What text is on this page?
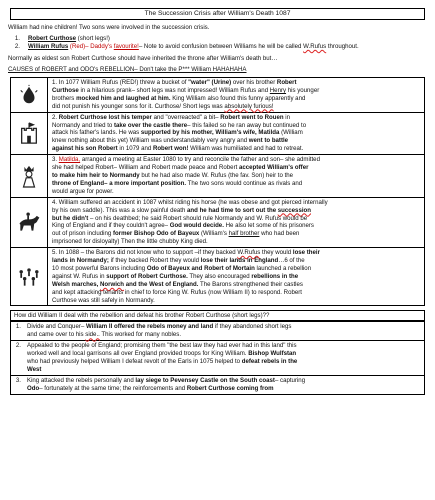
The Succession Crisis after William's Death 1087
William had nine children! Two sons were involved in the succession crisis.
1.	Robert Curthose (short legs!)
2.	William Rufus (Red)– Daddy's favourite!– Note to avoid confusion between Williams he will be called W.Rufus throughout.
Normally as eldest son Robert Curthose should have inherited the throne after William's death but…
CAUSES of ROBERT and ODO's REBELLION– Don't take the P*** William HAHAHAHA

1. In 1077 William Rufus (RED!) threw a bucket of "water" (Urine) over his brother Robert

Curthose in a hilarious prank– short legs was not impressed! William Rufus and Henry his younger

brothers mocked him and laughed at him. King William also found this funny apparently and

did not punish his younger sons for it. Curthose/ Short legs was absolutely furious!

2. Robert Curthose lost his temper and "overreacted" a bit– Robert went to Rouen in

Normandy and tried to take over the castle there– this failed so he ran away but continued to

attack his father's lands. He was supported by his mother, William's wife, Matilda (William

knew nothing about this yet) William was understandably very angry and went to battle

against his son Robert in 1079 and Robert won! William was humiliated and had to retreat.

3. Matilda, arranged a meeting at Easter 1080 to try and reconcile the father and son– she admitted

she had helped Robert– William and Robert made peace and Robert accepted William's offer

to make him heir to Normandy but he had also made W. Rufus (the fav. Son) heir to the

throne of England– a more important position. The two sons would continue as rivals and

would argue for power.

4. William suffered an accident in 1087 whilst riding his horse (he was obese and got pierced internally

by his own saddle). This was a slow painful death and he had time to sort out the succession

but he didn't – on his deathbed; he said Robert should rule Normandy and W. Rufus would be

King of England and if they couldn't agree– God would decide. He also let some of his prisoners

out of prison including former Bishop Odo of Bayeux (William's half brother who had been

imprisoned for disloyalty) Then the little chubby King died.

5. In 1088 – the Barons did not know who to support –if they backed W.Rufus they would lose their

lands in Normandy; if they backed Robert they would lose their lands in England…6 of the

10 most powerful Barons including Odo of Bayeux and Robert of Mortain launched a rebellion

against W. Rufus in support of Robert Curthose. They also encouraged rebellions in the

Welsh marches, Norwich and the West of England. The Barons strengthened their castles

and kept attacking tenants in chief to force King W. Rufus (now William II) to respond. Robert

Curthose was still safely in Normandy.

How did William II deal with the rebellion and defeat his brother Robert Curthose (short legs)??
1. Divide and Conquer– William II offered the rebels money and land if they abandoned short legs
and came over to his side.. This worked for many nobles.
2. Appealed to the people of England; promising them "the best law they had ever had in this land" this
worked well and local garrisons all over England provided troops for King William. Bishop Wulfstan
who had previously helped William I defeat revolt of the Earls in 1075 helped to defeat rebels in the
West
3. King attacked the rebels personally and lay siege to Pevensey Castle on the South coast– capturing
Odo– fortunately at the same time; the reinforcements and Robert Curthose coming from
